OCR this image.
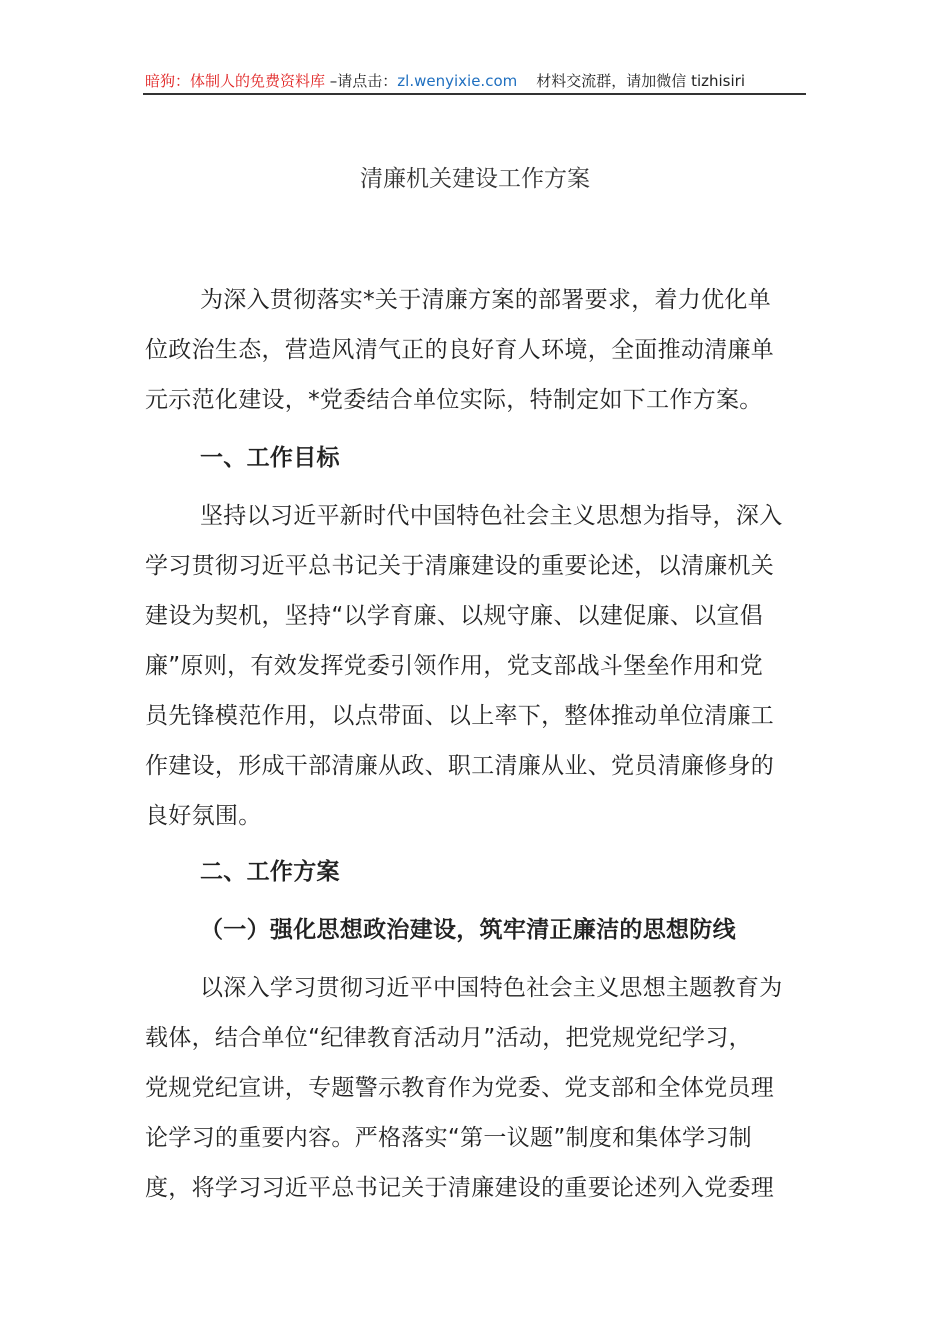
暗狗：体制人的免费资料库 –请点击：zl.wenyixie.com    材料交流群，请加微信 tizhisiri
清廉机关建设工作方案
为深入贯彻落实*关于清廉方案的部署要求，着力优化单
位政治生态，营造风清气正的良好育人环境，全面推动清廉单
元示范化建设，*党委结合单位实际，特制定如下工作方案。
一、工作目标
坚持以习近平新时代中国特色社会主义思想为指导，深入
学习贯彻习近平总书记关于清廉建设的重要论述，以清廉机关
建设为契机，坚持“以学育廉、以规守廉、以建促廉、以宣倡
廉”原则，有效发挥党委引领作用，党支部战斗堡垒作用和党
员先锋模范作用，以点带面、以上率下，整体推动单位清廉工
作建设，形成干部清廉从政、职工清廉从业、党员清廉修身的
良好氛围。
二、工作方案
（一）强化思想政治建设，筑牢清正廉洁的思想防线
以深入学习贯彻习近平中国特色社会主义思想主题教育为
载体，结合单位“纪律教育活动月”活动，把党规党纪学习，
党规党纪宣讲，专题警示教育作为党委、党支部和全体党员理
论学习的重要内容。严格落实“第一议题”制度和集体学习制
度，将学习习近平总书记关于清廉建设的重要论述列入党委理
